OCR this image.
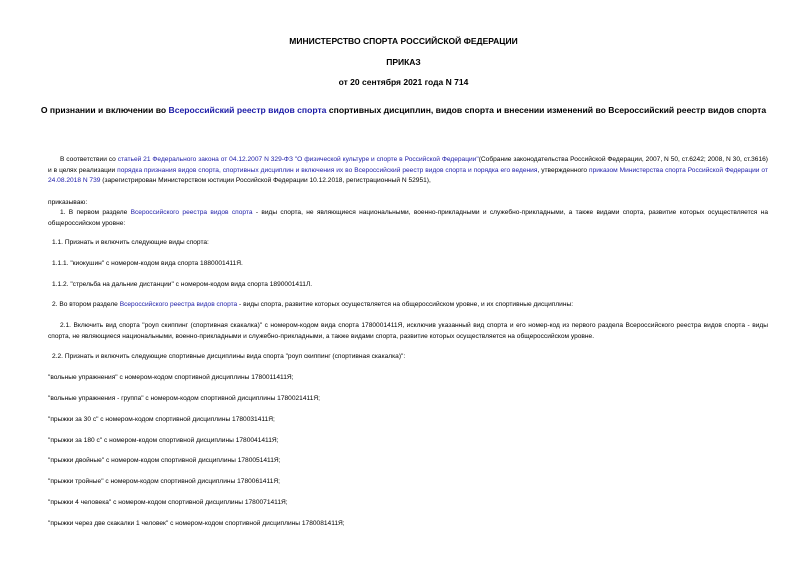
МИНИСТЕРСТВО СПОРТА РОССИЙСКОЙ ФЕДЕРАЦИИ
ПРИКАЗ
от 20 сентября 2021 года N 714
О признании и включении во Всероссийский реестр видов спорта спортивных дисциплин, видов спорта и внесении изменений во Всероссийский реестр видов спорта
В соответствии со статьей 21 Федерального закона от 04.12.2007 N 329-ФЗ "О физической культуре и спорте в Российской Федерации"(Собрание законодательства Российской Федерации, 2007, N 50, ст.6242; 2008, N 30, ст.3616) и в целях реализации порядка признания видов спорта, спортивных дисциплин и включения их во Всероссийский реестр видов спорта и порядка его ведения, утвержденного приказом Министерства спорта Российской Федерации от 24.08.2018 N 739 (зарегистрирован Министерством юстиции Российской Федерации 10.12.2018, регистрационный N 52951),
приказываю:
1. В первом разделе Всероссийского реестра видов спорта - виды спорта, не являющиеся национальными, военно-прикладными и служебно-прикладными, а также видами спорта, развитие которых осуществляется на общероссийском уровне:
1.1. Признать и включить следующие виды спорта:
1.1.1. "киокушин" с номером-кодом вида спорта 1880001411Я.
1.1.2. "стрельба на дальние дистанции" с номером-кодом вида спорта 1890001411Л.
2. Во втором разделе Всероссийского реестра видов спорта - виды спорта, развитие которых осуществляется на общероссийском уровне, и их спортивные дисциплины:
2.1. Включить вид спорта "роуп скиппинг (спортивная скакалка)" с номером-кодом вида спорта 1780001411Я, исключив указанный вид спорта и его номер-код из первого раздела Всероссийского реестра видов спорта - виды спорта, не являющиеся национальными, военно-прикладными и служебно-прикладными, а также видами спорта, развитие которых осуществляется на общероссийском уровне.
2.2. Признать и включить следующие спортивные дисциплины вида спорта "роуп скиппинг (спортивная скакалка)":
"вольные упражнения" с номером-кодом спортивной дисциплины 1780011411Я;
"вольные упражнения - группа" с номером-кодом спортивной дисциплины 1780021411Я;
"прыжки за 30 с" с номером-кодом спортивной дисциплины 1780031411Я;
"прыжки за 180 с" с номером-кодом спортивной дисциплины 1780041411Я;
"прыжки двойные" с номером-кодом спортивной дисциплины 1780051411Я;
"прыжки тройные" с номером-кодом спортивной дисциплины 1780061411Я;
"прыжки 4 человека" с номером-кодом спортивной дисциплины 1780071411Я;
"прыжки через две скакалки 1 человек" с номером-кодом спортивной дисциплины 1780081411Я;
